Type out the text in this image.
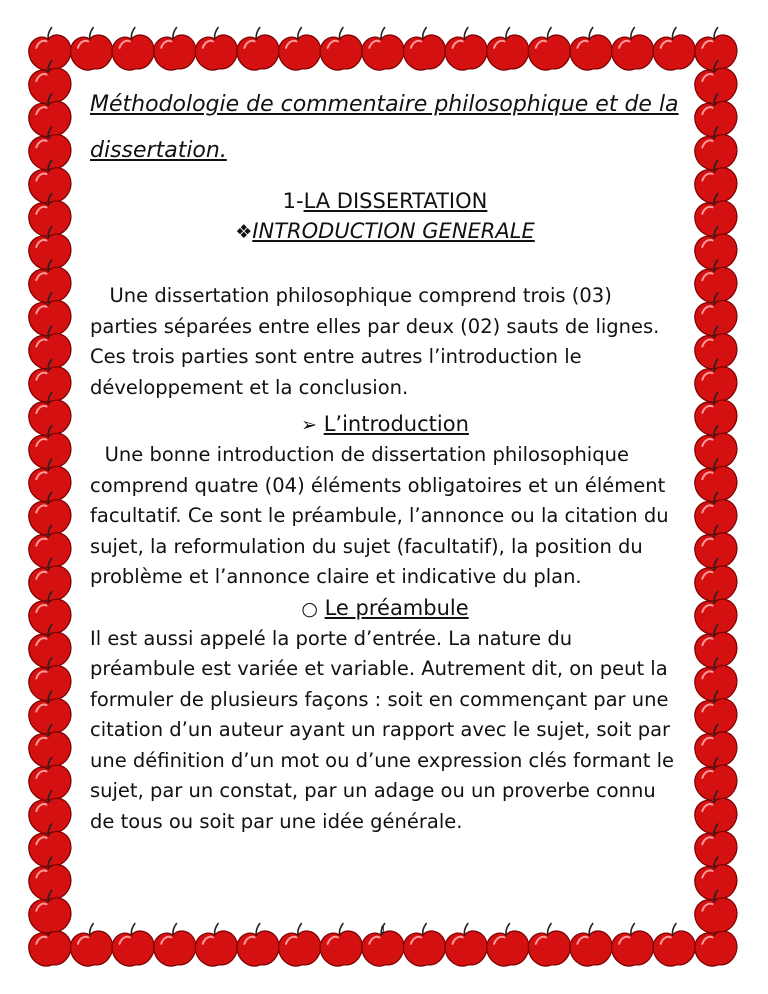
Méthodologie de commentaire philosophique et de la dissertation.

1-LA DISSERTATION
❖INTRODUCTION GENERALE

 Une dissertation philosophique comprend trois (03) parties séparées entre elles par deux (02) sauts de lignes. Ces trois parties sont entre autres l’introduction le développement et la conclusion.

➢ L’introduction

  Une bonne introduction de dissertation philosophique comprend quatre (04) éléments obligatoires et un élément facultatif. Ce sont le préambule, l’annonce ou la citation du sujet, la reformulation du sujet (facultatif), la position du problème et l’annonce claire et indicative du plan.

○ Le préambule

Il est aussi appelé la porte d’entrée. La nature du préambule est variée et variable. Autrement dit, on peut la formuler de plusieurs façons : soit en commençant par une citation d’un auteur ayant un rapport avec le sujet, soit par une définition d’un mot ou d’une expression clés formant le sujet, par un constat, par un adage ou un proverbe connu de tous ou soit par une idée générale.

1
